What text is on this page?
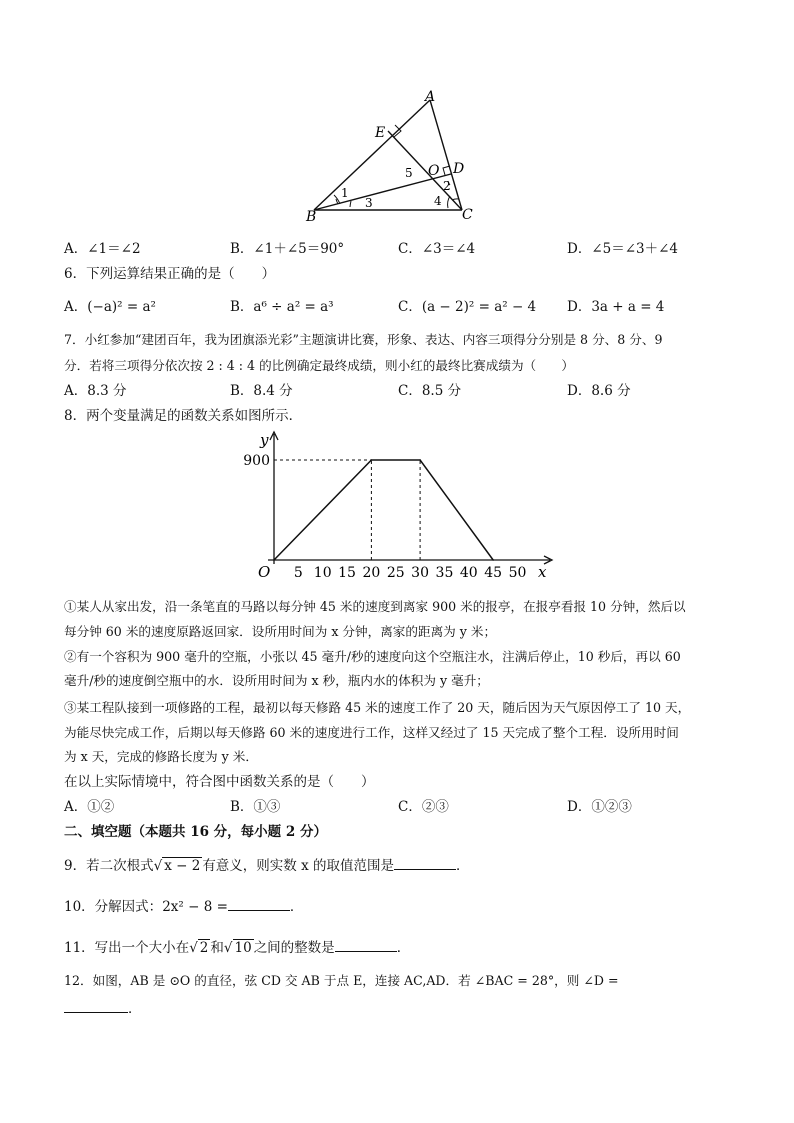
A
E
O D
B	C
1	2
3	4
5
A．∠1＝∠2	B．∠1＋∠5＝90°	C．∠3＝∠4	D．∠5＝∠3＋∠4
6．下列运算结果正确的是（　　）
A．(−a)² = a²	B．a⁶ ÷ a² = a³	C．(a − 2)² = a² − 4 D．3a + a = 4
7．小红参加“建团百年，我为团旗添光彩”主题演讲比赛，形象、表达、内容三项得分分别是 8 分、8 分、9
分．若将三项得分依次按 2 : 4 : 4 的比例确定最终成绩，则小红的最终比赛成绩为（　　）
A．8.3 分	B．8.4 分	C．8.5 分	D．8.6 分
8．两个变量满足的函数关系如图所示．
x
y
O 5 10 15 20 25 30 35 40 45 50
900
①某人从家出发，沿一条笔直的马路以每分钟 45 米的速度到离家 900 米的报亭，在报亭看报 10 分钟，然后以
每分钟 60 米的速度原路返回家．设所用时间为 x 分钟，离家的距离为 y 米；
②有一个容积为 900 毫升的空瓶，小张以 45 毫升/秒的速度向这个空瓶注水，注满后停止，10 秒后，再以 60
毫升/秒的速度倒空瓶中的水．设所用时间为 x 秒，瓶内水的体积为 y 毫升；
③某工程队接到一项修路的工程，最初以每天修路 45 米的速度工作了 20 天，随后因为天气原因停工了 10 天，
为能尽快完成工作，后期以每天修路 60 米的速度进行工作，这样又经过了 15 天完成了整个工程．设所用时间
为 x 天，完成的修路长度为 y 米．
在以上实际情境中，符合图中函数关系的是（　　）
A．①②	B．①③	C．②③	D．①②③
二、填空题（本题共 16 分，每小题 2 分）
9．若二次根式√ x − 2 有意义，则实数 x 的取值范围是	．
10．分解因式：2x² − 8 =	．
11．写出一个大小在√ 2 和√ 10 之间的整数是	．
12．如图，AB 是 ⊙O 的直径，弦 CD 交 AB 于点 E，连接 AC,AD．若 ∠BAC = 28°，则 ∠D =
．
